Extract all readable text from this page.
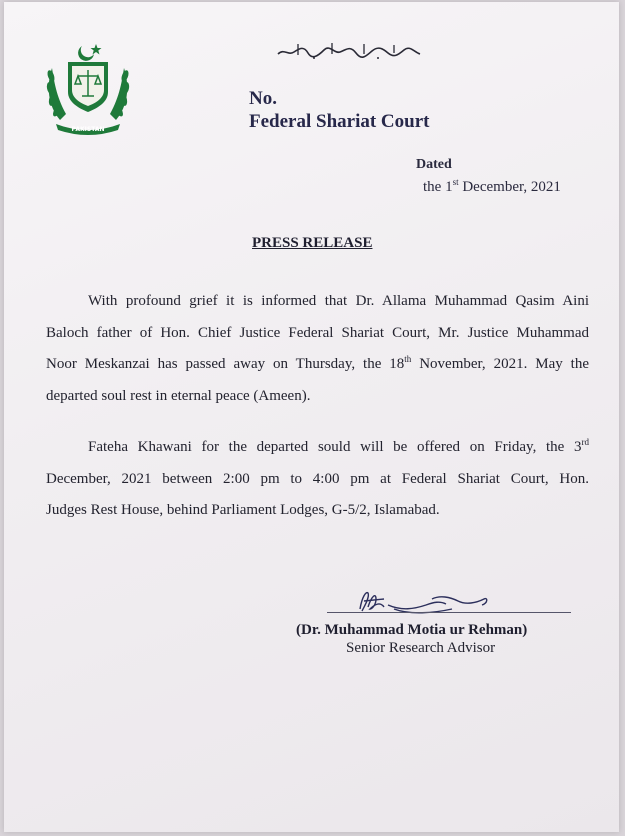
PAKISTAN
No.
Federal Shariat Court
Dated
the 1st December, 2021
PRESS RELEASE
With profound grief it is informed that Dr. Allama Muhammad Qasim Aini
Baloch father of Hon. Chief Justice Federal Shariat Court, Mr. Justice Muhammad
Noor Meskanzai has passed away on Thursday, the 18th November, 2021. May the
departed soul rest in eternal peace (Ameen).
Fateha Khawani for the departed sould will be offered on Friday, the 3rd
December, 2021 between 2:00 pm to 4:00 pm at Federal Shariat Court, Hon.
Judges Rest House, behind Parliament Lodges, G-5/2, Islamabad.
(Dr. Muhammad Motia ur Rehman)
Senior Research Advisor
